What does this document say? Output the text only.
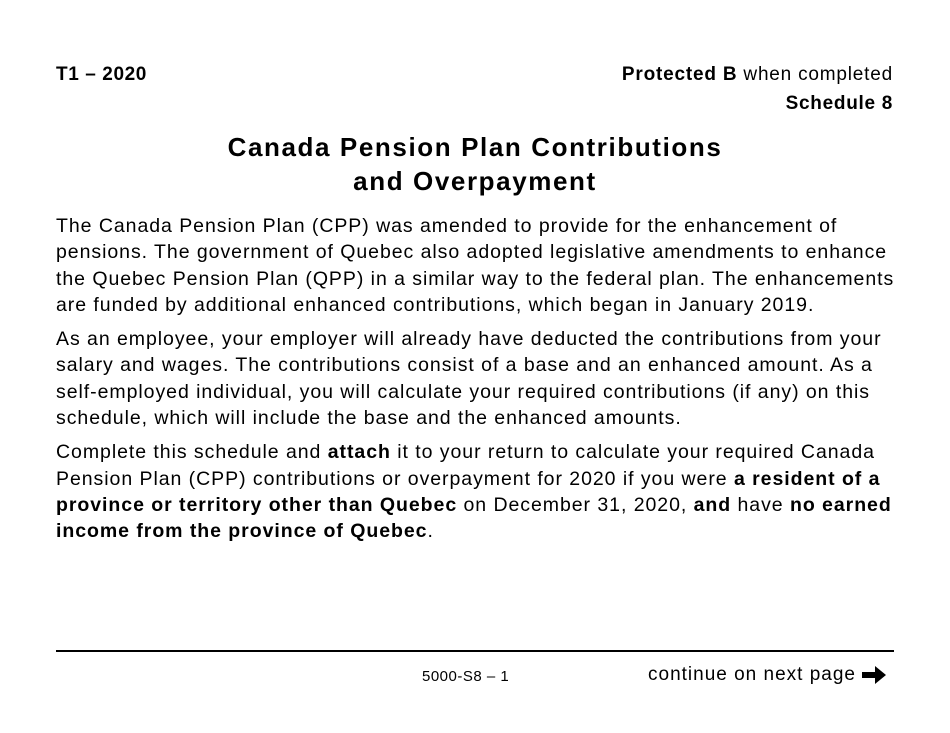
T1 – 2020	Protected B when completed
Schedule 8
Canada Pension Plan Contributions
and Overpayment

The Canada Pension Plan (CPP) was amended to provide for the enhancement of pensions. The government of Quebec also adopted legislative amendments to enhance the Quebec Pension Plan (QPP) in a similar way to the federal plan. The enhancements are funded by additional enhanced contributions, which began in January 2019.

As an employee, your employer will already have deducted the contributions from your salary and wages. The contributions consist of a base and an enhanced amount. As a self-employed individual, you will calculate your required contributions (if any) on this schedule, which will include the base and the enhanced amounts.

Complete this schedule and attach it to your return to calculate your required Canada Pension Plan (CPP) contributions or overpayment for 2020 if you were a resident of a province or territory other than Quebec on December 31, 2020, and have no earned income from the province of Quebec.

5000-S8 – 1	continue on next page
